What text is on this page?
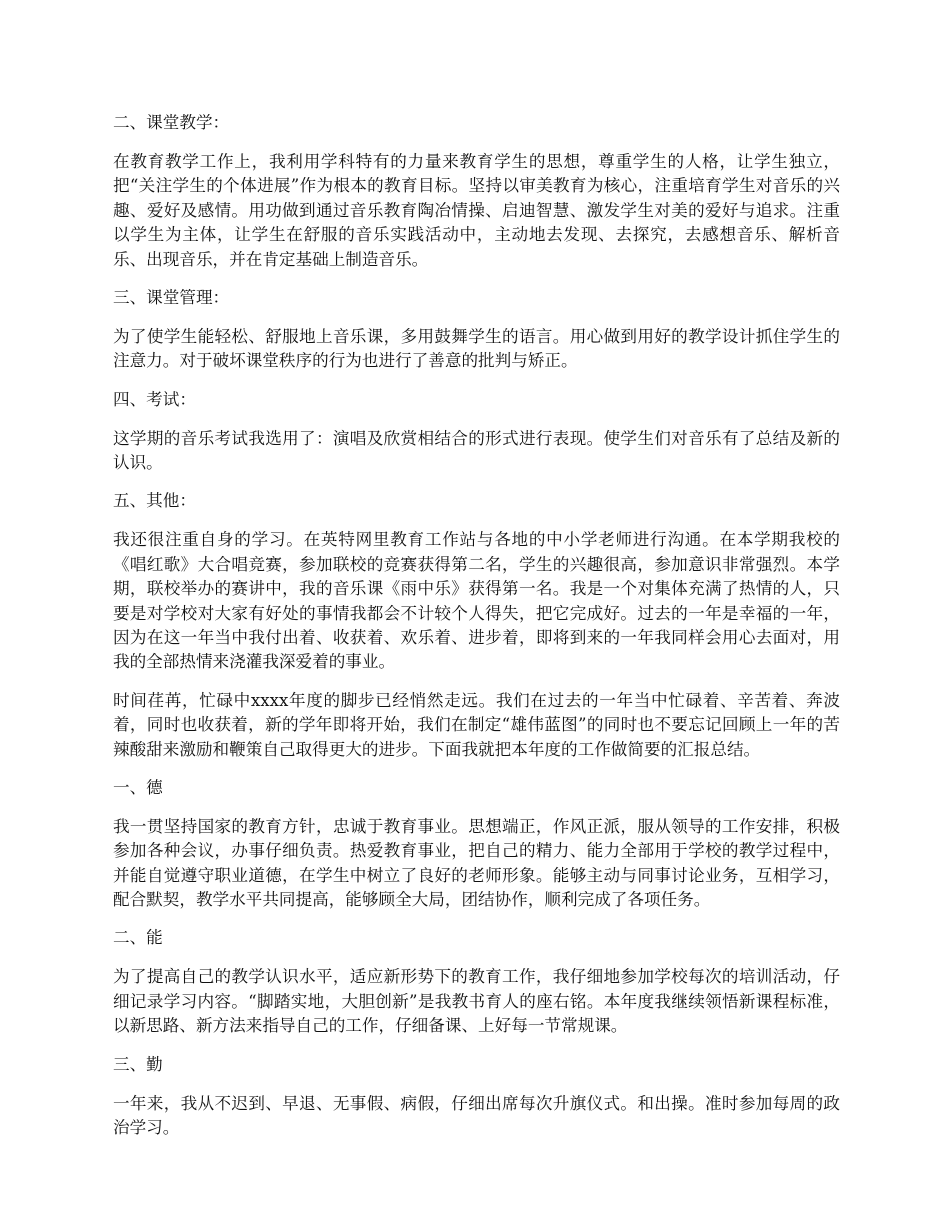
二、课堂教学：

在教育教学工作上，我利用学科特有的力量来教育学生的思想，尊重学生的人格，让学生独立，把“关注学生的个体进展”作为根本的教育目标。坚持以审美教育为核心，注重培育学生对音乐的兴趣、爱好及感情。用功做到通过音乐教育陶冶情操、启迪智慧、激发学生对美的爱好与追求。注重以学生为主体，让学生在舒服的音乐实践活动中，主动地去发现、去探究，去感想音乐、解析音乐、出现音乐，并在肯定基础上制造音乐。

三、课堂管理：

为了使学生能轻松、舒服地上音乐课，多用鼓舞学生的语言。用心做到用好的教学设计抓住学生的注意力。对于破坏课堂秩序的行为也进行了善意的批判与矫正。

四、考试：

这学期的音乐考试我选用了：演唱及欣赏相结合的形式进行表现。使学生们对音乐有了总结及新的认识。

五、其他：

我还很注重自身的学习。在英特网里教育工作站与各地的中小学老师进行沟通。在本学期我校的《唱红歌》大合唱竞赛，参加联校的竞赛获得第二名，学生的兴趣很高，参加意识非常强烈。本学期，联校举办的赛讲中，我的音乐课《雨中乐》获得第一名。我是一个对集体充满了热情的人，只要是对学校对大家有好处的事情我都会不计较个人得失，把它完成好。过去的一年是幸福的一年，因为在这一年当中我付出着、收获着、欢乐着、进步着，即将到来的一年我同样会用心去面对，用我的全部热情来浇灌我深爱着的事业。

时间荏苒，忙碌中xxxx年度的脚步已经悄然走远。我们在过去的一年当中忙碌着、辛苦着、奔波着，同时也收获着，新的学年即将开始，我们在制定“雄伟蓝图”的同时也不要忘记回顾上一年的苦辣酸甜来激励和鞭策自己取得更大的进步。下面我就把本年度的工作做简要的汇报总结。

一、德

我一贯坚持国家的教育方针，忠诚于教育事业。思想端正，作风正派，服从领导的工作安排，积极参加各种会议，办事仔细负责。热爱教育事业，把自己的精力、能力全部用于学校的教学过程中，并能自觉遵守职业道德，在学生中树立了良好的老师形象。能够主动与同事讨论业务，互相学习，配合默契，教学水平共同提高，能够顾全大局，团结协作，顺利完成了各项任务。

二、能

为了提高自己的教学认识水平，适应新形势下的教育工作，我仔细地参加学校每次的培训活动，仔细记录学习内容。“脚踏实地，大胆创新”是我教书育人的座右铭。本年度我继续领悟新课程标准，以新思路、新方法来指导自己的工作，仔细备课、上好每一节常规课。

三、勤

一年来，我从不迟到、早退、无事假、病假，仔细出席每次升旗仪式。和出操。准时参加每周的政治学习。
